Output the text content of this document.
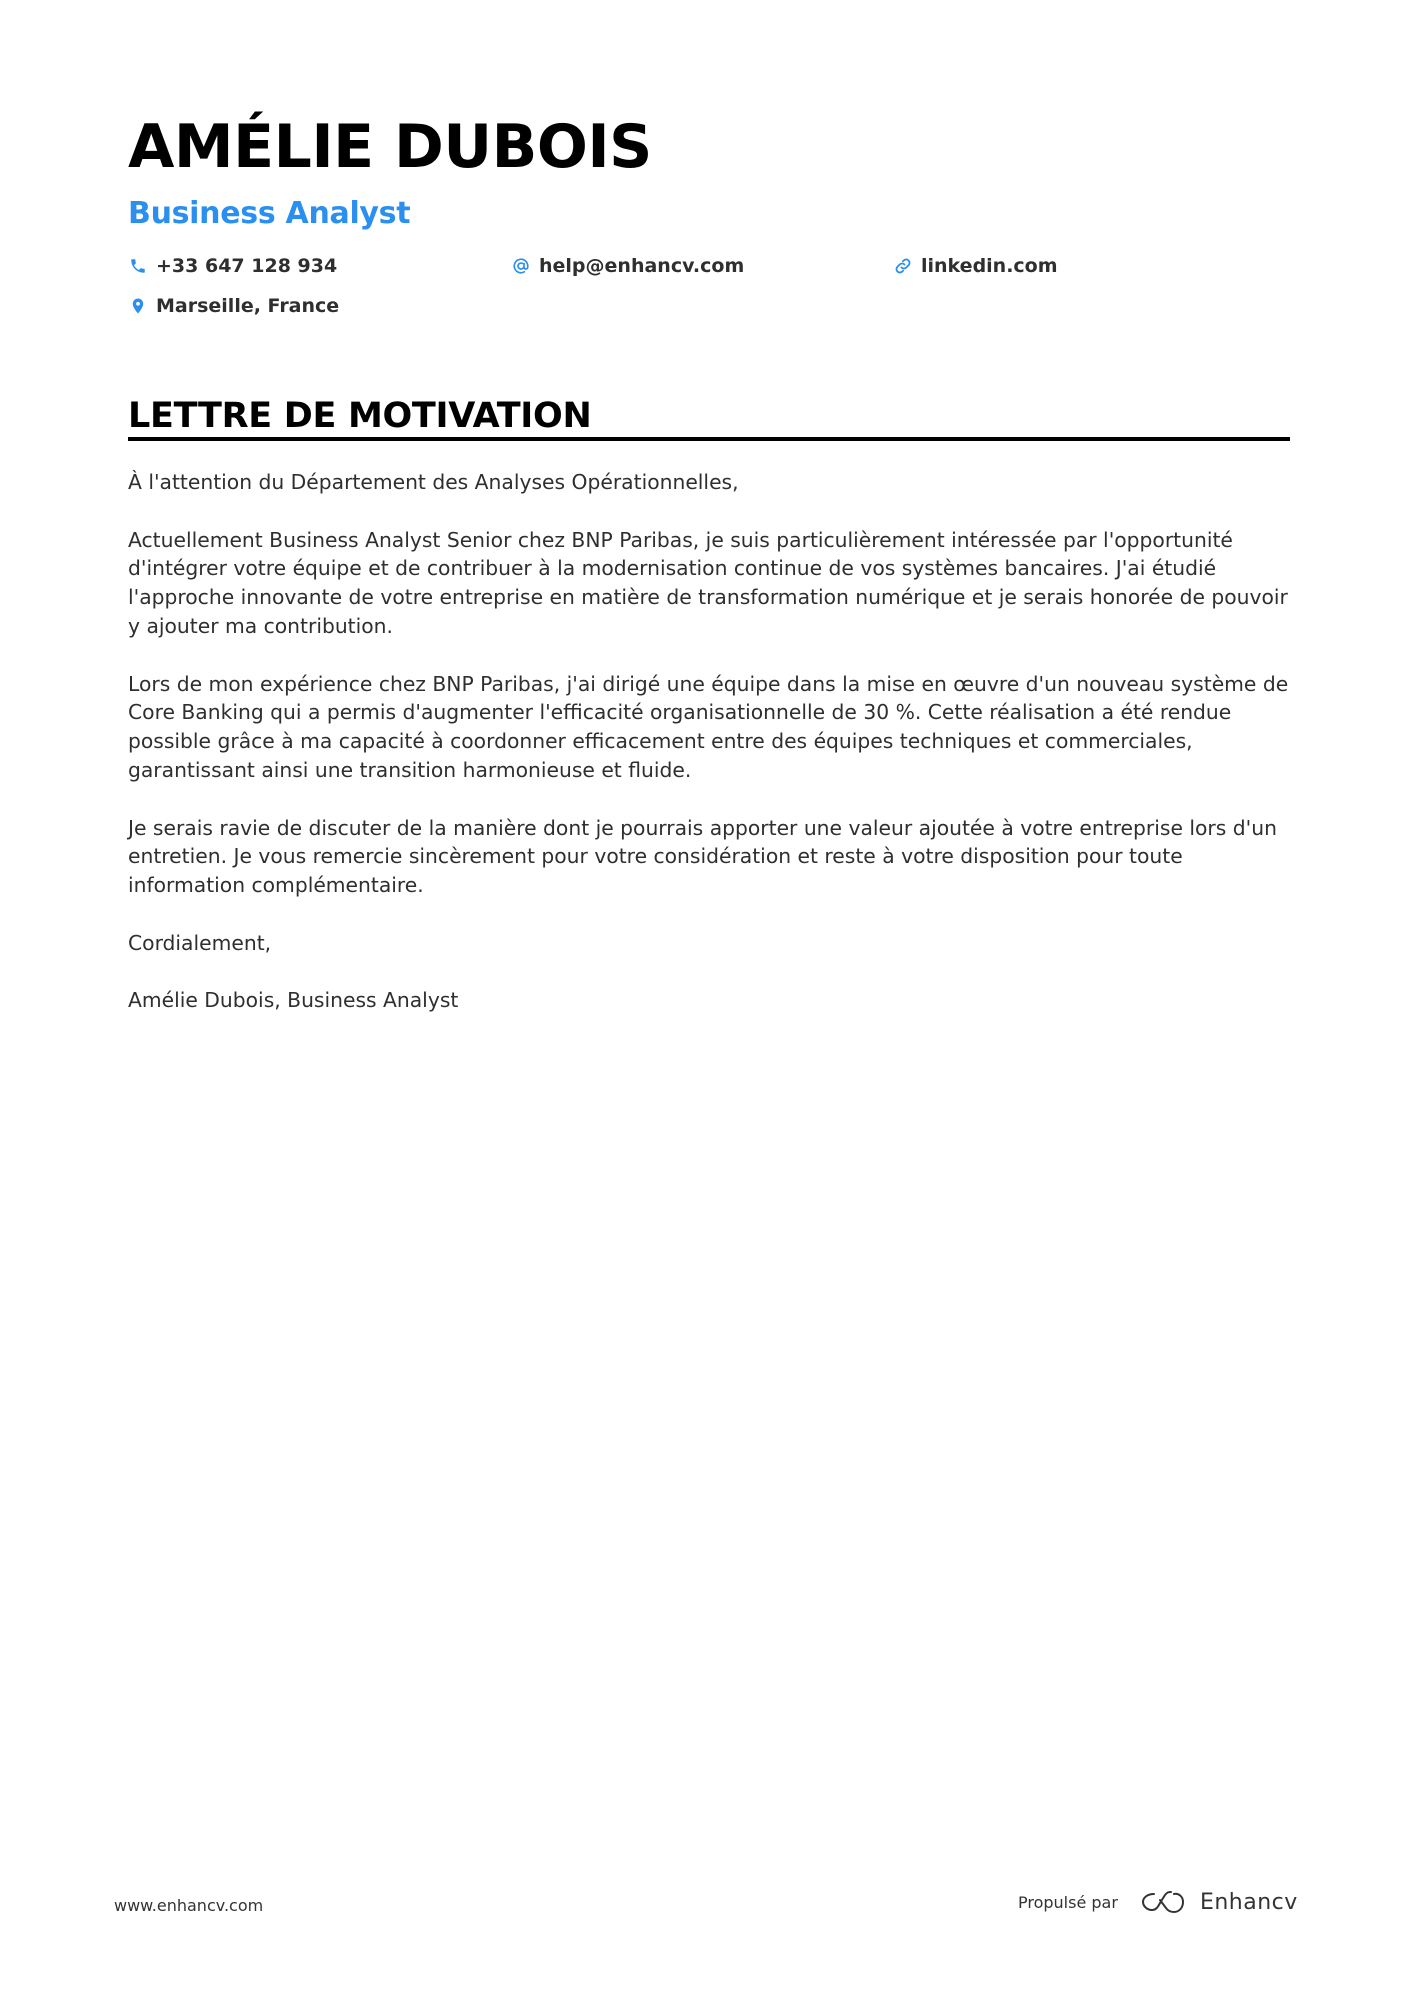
AMÉLIE DUBOIS
Business Analyst
+33 647 128 934	help@enhancv.com	linkedin.com
Marseille, France
LETTRE DE MOTIVATION

À l'attention du Département des Analyses Opérationnelles,

Actuellement Business Analyst Senior chez BNP Paribas, je suis particulièrement intéressée par l'opportunité d'intégrer votre équipe et de contribuer à la modernisation continue de vos systèmes bancaires. J'ai étudié l'approche innovante de votre entreprise en matière de transformation numérique et je serais honorée de pouvoir y ajouter ma contribution.

Lors de mon expérience chez BNP Paribas, j'ai dirigé une équipe dans la mise en œuvre d'un nouveau système de Core Banking qui a permis d'augmenter l'efficacité organisationnelle de 30 %. Cette réalisation a été rendue possible grâce à ma capacité à coordonner efficacement entre des équipes techniques et commerciales, garantissant ainsi une transition harmonieuse et fluide.

Je serais ravie de discuter de la manière dont je pourrais apporter une valeur ajoutée à votre entreprise lors d'un entretien. Je vous remercie sincèrement pour votre considération et reste à votre disposition pour toute information complémentaire.

Cordialement,

Amélie Dubois, Business Analyst

www.enhancv.com	Propulsé par	Enhancv
